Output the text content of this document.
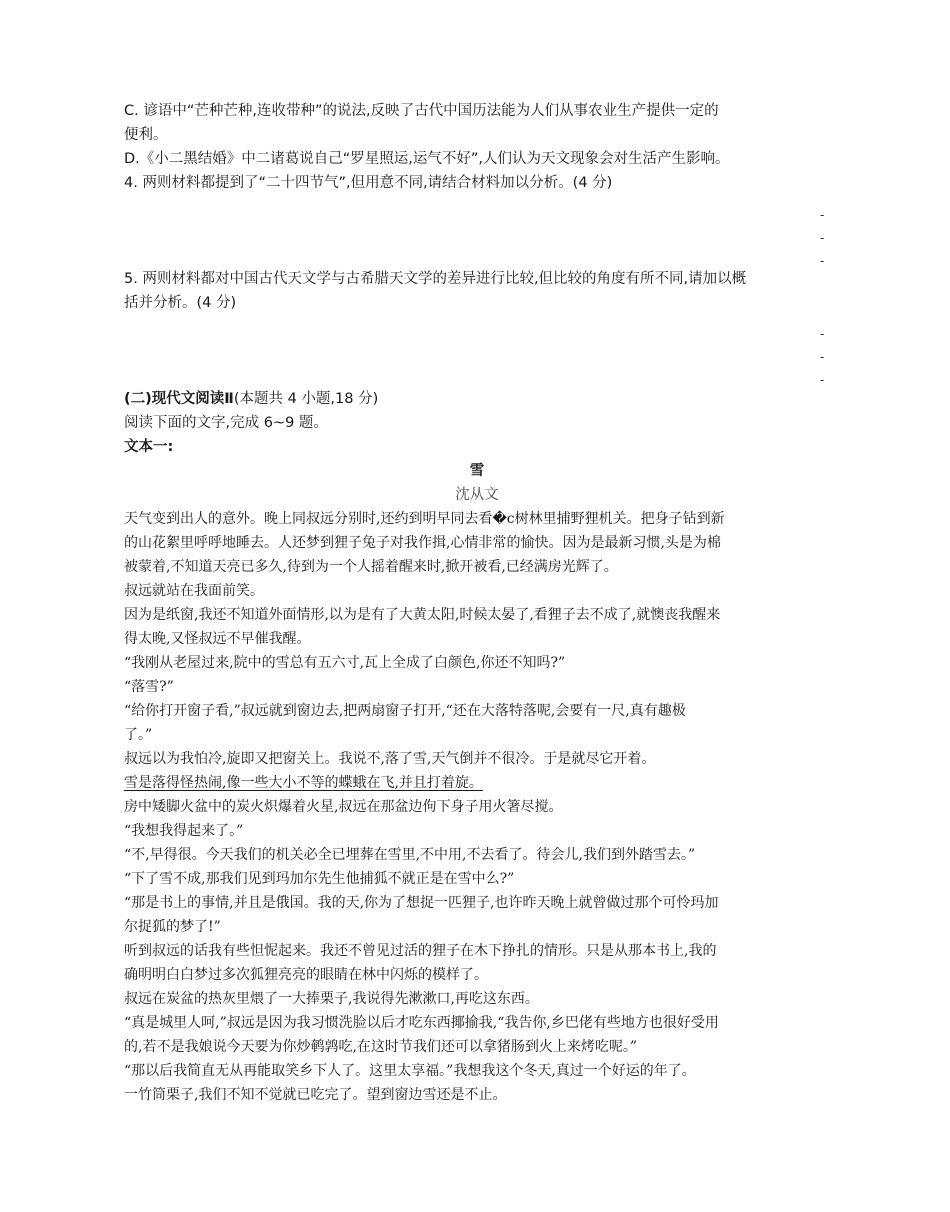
C. 谚语中“芒种芒种,连收带种”的说法,反映了古代中国历法能为人们从事农业生产提供一定的
便利。
D.《小二黑结婚》中二诸葛说自己“罗星照运,运气不好”,人们认为天文现象会对生活产生影响。
4. 两则材料都提到了“二十四节气”,但用意不同,请结合材料加以分析。(4 分)
-
-
-
5. 两则材料都对中国古代天文学与古希腊天文学的差异进行比较,但比较的角度有所不同,请加以概
括并分析。(4 分)
-
-
-
(二)现代文阅读Ⅱ(本题共 4 小题,18 分)
阅读下面的文字,完成 6~9 题。
文本一:
雪
沈从文
天气变到出人的意外。晚上同叔远分别时,还约到明早同去看�c树林里捕野狸机关。把身子钻到新
的山花絮里呼呼地睡去。人还梦到狸子兔子对我作揖,心情非常的愉快。因为是最新习惯,头是为棉
被蒙着,不知道天亮已多久,待到为一个人摇着醒来时,掀开被看,已经满房光辉了。
叔远就站在我面前笑。
因为是纸窗,我还不知道外面情形,以为是有了大黄太阳,时候太晏了,看狸子去不成了,就懊丧我醒来
得太晚,又怪叔远不早催我醒。
“我刚从老屋过来,院中的雪总有五六寸,瓦上全成了白颜色,你还不知吗?”
“落雪?”
“给你打开窗子看,”叔远就到窗边去,把两扇窗子打开,“还在大落特落呢,会要有一尺,真有趣极
了。”
叔远以为我怕冷,旋即又把窗关上。我说不,落了雪,天气倒并不很冷。于是就尽它开着。
雪是落得怪热闹,像一些大小不等的蝶蛾在飞,并且打着旋。
房中矮脚火盆中的炭火炽爆着火星,叔远在那盆边佝下身子用火箸尽搅。
“我想我得起来了。”
“不,早得很。今天我们的机关必全已埋葬在雪里,不中用,不去看了。待会儿,我们到外踏雪去。”
“下了雪不成,那我们见到玛加尔先生他捕狐不就正是在雪中么?”
“那是书上的事情,并且是俄国。我的天,你为了想捉一匹狸子,也许昨天晚上就曾做过那个可怜玛加
尔捉狐的梦了!”
听到叔远的话我有些怛怩起来。我还不曾见过活的狸子在木下挣扎的情形。只是从那本书上,我的
确明明白白梦过多次狐狸亮亮的眼睛在林中闪烁的模样了。
叔远在炭盆的热灰里煨了一大捧栗子,我说得先漱漱口,再吃这东西。
“真是城里人呵,”叔远是因为我习惯洗脸以后才吃东西揶揄我,“我告你,乡巴佬有些地方也很好受用
的,若不是我娘说今天要为你炒鹌鹑吃,在这时节我们还可以拿猪肠到火上来烤吃呢。”
“那以后我简直无从再能取笑乡下人了。这里太享福。”我想我这个冬天,真过一个好运的年了。
一竹筒栗子,我们不知不觉就已吃完了。望到窗边雪还是不止。
